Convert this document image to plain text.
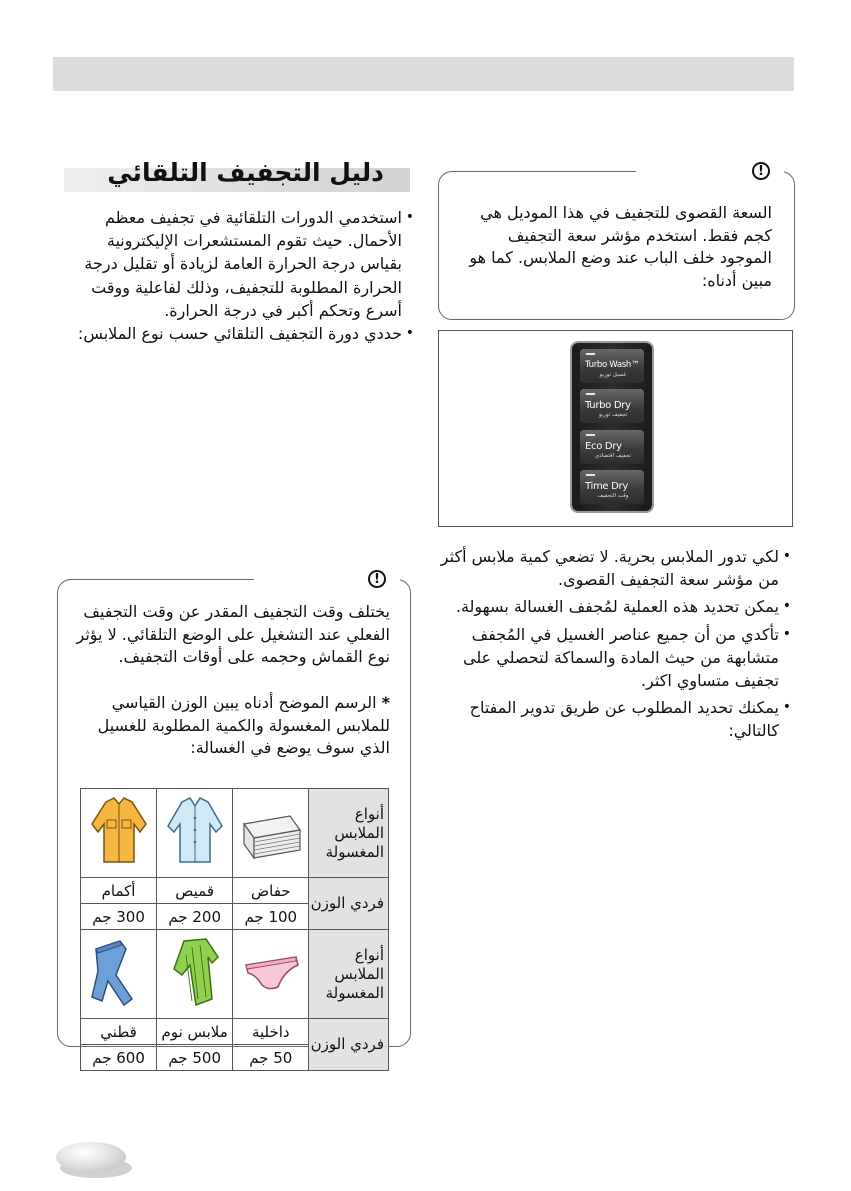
دليل التجفيف التلقائي
• استخدمي الدورات التلقائية في تجفيف معظم الأحمال. حيث تقوم المستشعرات الإليكترونية بقياس درجة الحرارة العامة لزيادة أو تقليل درجة الحرارة المطلوبة للتجفيف، وذلك لفاعلية ووقت أسرع وتحكم أكبر في درجة الحرارة.
• حددي دورة التجفيف التلقائي حسب نوع الملابس:
!
السعة القصوى للتجفيف في هذا الموديل هي كجم فقط. استخدم مؤشر سعة التجفيف الموجود خلف الباب عند وضع الملابس. كما هو مبين أدناه:
Turbo Wash™
غسيل توربو
Turbo Dry
تجفيف توربو
Eco Dry
تجفيف اقتصادي
Time Dry
وقت التجفيف
• لكي تدور الملابس بحرية. لا تضعي كمية ملابس أكثر من مؤشر سعة التجفيف القصوى.
• يمكن تحديد هذه العملية لمُجفف الغسالة بسهولة.
• تأكدي من أن جميع عناصر الغسيل في المُجفف متشابهة من حيث المادة والسماكة لتحصلي على تجفيف متساوي اكثر.
• يمكنك تحديد المطلوب عن طريق تدوير المفتاح كالتالي:
!
يختلف وقت التجفيف المقدر عن وقت التجفيف الفعلي عند التشغيل على الوضع التلقائي. لا يؤثر نوع القماش وحجمه على أوقات التجفيف.
* الرسم الموضح أدناه يبين الوزن القياسي للملابس المغسولة والكمية المطلوبة للغسيل الذي سوف يوضع في الغسالة:
			أنواع الملابس المغسولة
أكمام	قميص	حفاض	فردي الوزن
300 جم	200 جم	100 جم	
			أنواع الملابس المغسولة
قطني	ملابس نوم	داخلية	فردي الوزن
600 جم	500 جم	50 جم	
